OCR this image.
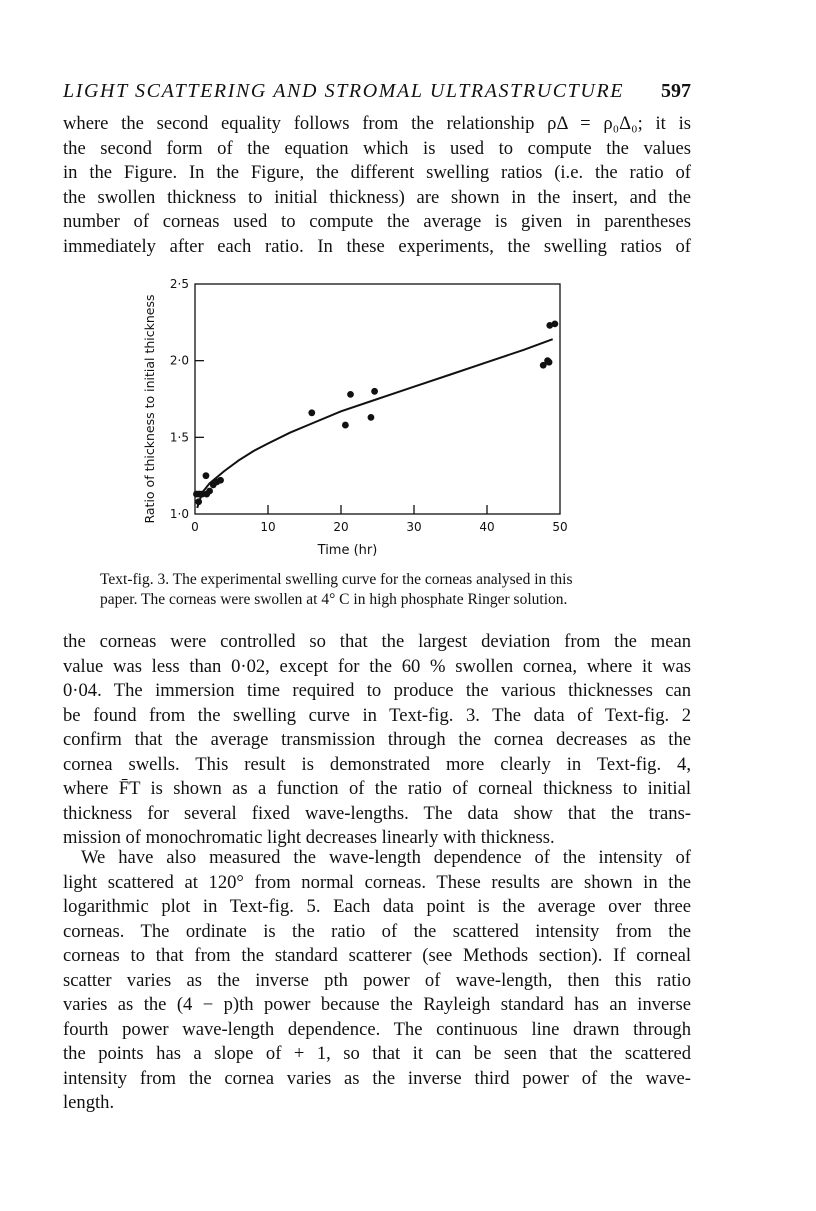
LIGHT SCATTERING AND STROMAL ULTRASTRUCTURE 597
where the second equality follows from the relationship ρΔ = ρ₀Δ₀; it is
the second form of the equation which is used to compute the values
in the Figure. In the Figure, the different swelling ratios (i.e. the ratio of
the swollen thickness to initial thickness) are shown in the insert, and the
number of corneas used to compute the average is given in parentheses
immediately after each ratio. In these experiments, the swelling ratios of
0	10	20	30	40	50
1·0
1·5
2·0
2·5
Time (hr)
Ratio of thickness to initial thickness
Text-fig. 3. The experimental swelling curve for the corneas analysed in this
paper. The corneas were swollen at 4° C in high phosphate Ringer solution.
the corneas were controlled so that the largest deviation from the mean
value was less than 0·02, except for the 60 % swollen cornea, where it was
0·04. The immersion time required to produce the various thicknesses can
be found from the swelling curve in Text-fig. 3. The data of Text-fig. 2
confirm that the average transmission through the cornea decreases as the
cornea swells. This result is demonstrated more clearly in Text-fig. 4,
where F̄T is shown as a function of the ratio of corneal thickness to initial
thickness for several fixed wave-lengths. The data show that the trans-
mission of monochromatic light decreases linearly with thickness.
We have also measured the wave-length dependence of the intensity of
light scattered at 120° from normal corneas. These results are shown in the
logarithmic plot in Text-fig. 5. Each data point is the average over three
corneas. The ordinate is the ratio of the scattered intensity from the
corneas to that from the standard scatterer (see Methods section). If corneal
scatter varies as the inverse pth power of wave-length, then this ratio
varies as the (4 − p)th power because the Rayleigh standard has an inverse
fourth power wave-length dependence. The continuous line drawn through
the points has a slope of + 1, so that it can be seen that the scattered
intensity from the cornea varies as the inverse third power of the wave-
length.
